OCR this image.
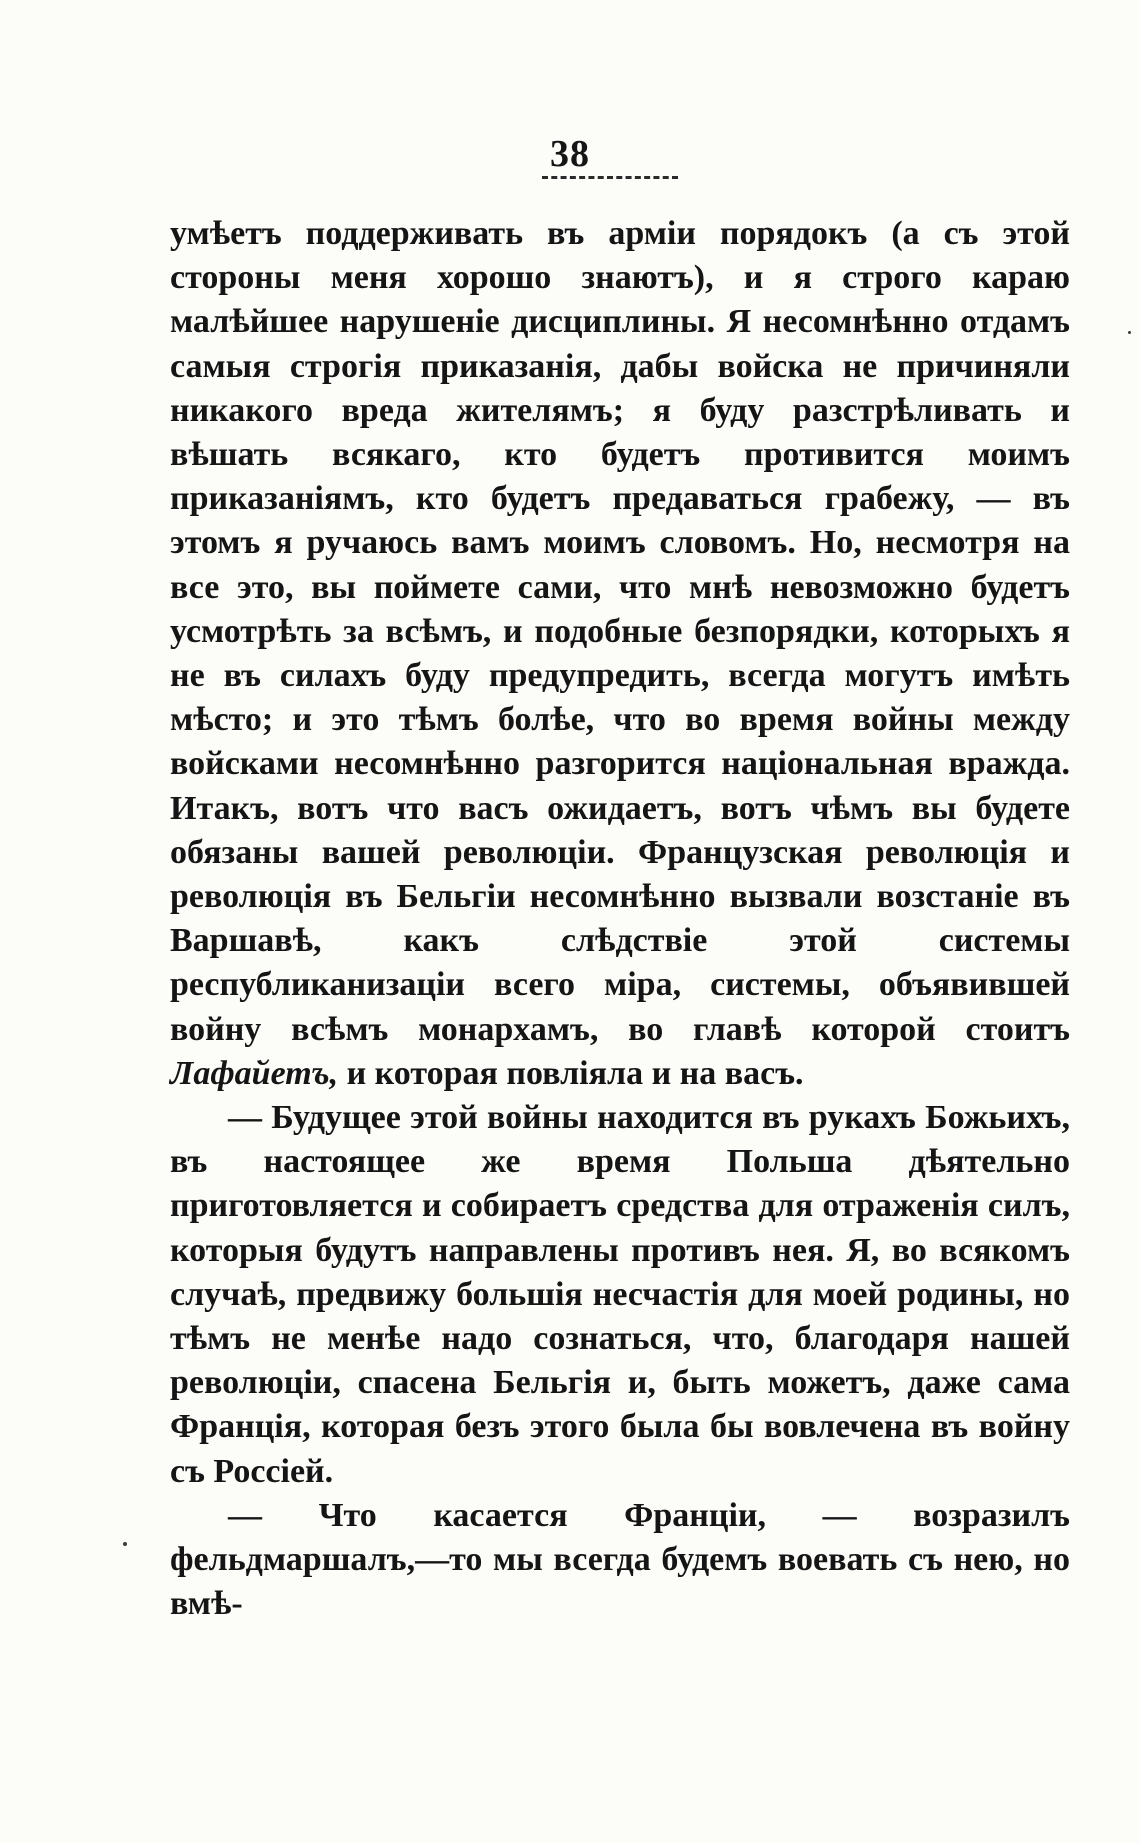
38

умѣетъ поддерживать въ арміи порядокъ (а съ этой стороны меня хорошо знаютъ), и я строго караю малѣйшее нарушеніе дисциплины. Я несомнѣнно отдамъ самыя строгія приказанія, дабы войска не причиняли никакого вреда жителямъ; я буду разстрѣливать и вѣшать всякаго, кто будетъ противится моимъ приказаніямъ, кто будетъ предаваться грабежу, — въ этомъ я ручаюсь вамъ моимъ словомъ. Но, несмотря на все это, вы поймете сами, что мнѣ невозможно будетъ усмотрѣть за всѣмъ, и подобные безпорядки, которыхъ я не въ силахъ буду предупредить, всегда могутъ имѣть мѣсто; и это тѣмъ болѣе, что во время войны между войсками несомнѣнно разгорится національная вражда. Итакъ, вотъ что васъ ожидаетъ, вотъ чѣмъ вы будете обязаны вашей революціи. Французская революція и революція въ Бельгіи несомнѣнно вызвали возстаніе въ Варшавѣ, какъ слѣдствіе этой системы республиканизаціи всего міра, системы, объявившей войну всѣмъ монархамъ, во главѣ которой стоитъ Лафайетъ, и которая повліяла и на васъ.

— Будущее этой войны находится въ рукахъ Божьихъ, въ настоящее же время Польша дѣятельно приготовляется и собираетъ средства для отраженія силъ, которыя будутъ направлены противъ нея. Я, во всякомъ случаѣ, предвижу большія несчастія для моей родины, но тѣмъ не менѣе надо сознаться, что, благодаря нашей революціи, спасена Бельгія и, быть можетъ, даже сама Франція, которая безъ этого была бы вовлечена въ войну съ Россіей.

— Что касается Франціи, — возразилъ фельдмаршалъ,—то мы всегда будемъ воевать съ нею, но вмѣ-
